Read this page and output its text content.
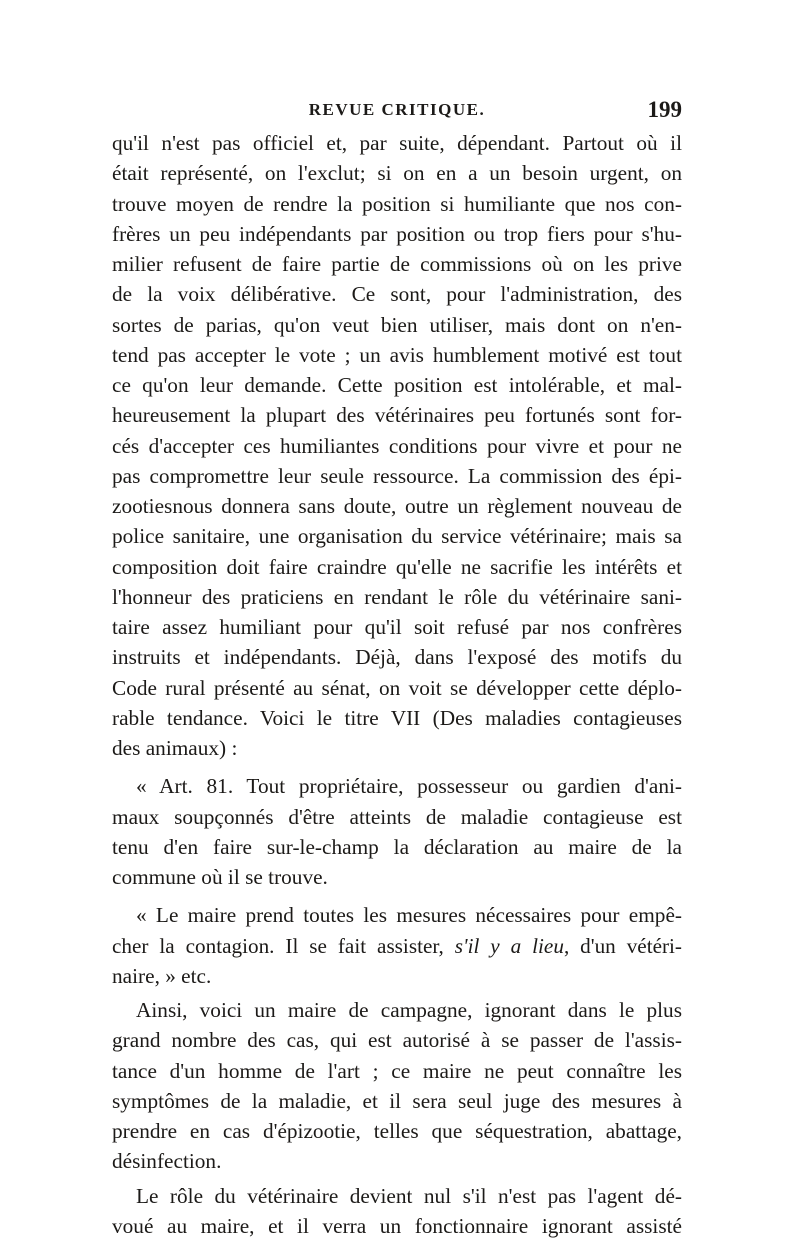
REVUE CRITIQUE.	199
qu'il n'est pas officiel et, par suite, dépendant. Partout où il
était représenté, on l'exclut; si on en a un besoin urgent, on
trouve moyen de rendre la position si humiliante que nos con-
frères un peu indépendants par position ou trop fiers pour s'hu-
milier refusent de faire partie de commissions où on les prive
de la voix délibérative. Ce sont, pour l'administration, des
sortes de parias, qu'on veut bien utiliser, mais dont on n'en-
tend pas accepter le vote ; un avis humblement motivé est tout
ce qu'on leur demande. Cette position est intolérable, et mal-
heureusement la plupart des vétérinaires peu fortunés sont for-
cés d'accepter ces humiliantes conditions pour vivre et pour ne
pas compromettre leur seule ressource. La commission des épi-
zootiesnous donnera sans doute, outre un règlement nouveau de
police sanitaire, une organisation du service vétérinaire; mais sa
composition doit faire craindre qu'elle ne sacrifie les intérêts et
l'honneur des praticiens en rendant le rôle du vétérinaire sani-
taire assez humiliant pour qu'il soit refusé par nos confrères
instruits et indépendants. Déjà, dans l'exposé des motifs du
Code rural présenté au sénat, on voit se développer cette déplo-
rable tendance. Voici le titre VII (Des maladies contagieuses
des animaux) :
« Art. 81. Tout propriétaire, possesseur ou gardien d'ani-
maux soupçonnés d'être atteints de maladie contagieuse est
tenu d'en faire sur-le-champ la déclaration au maire de la
commune où il se trouve.
« Le maire prend toutes les mesures nécessaires pour empê-
cher la contagion. Il se fait assister, s'il y a lieu, d'un vétéri-
naire, » etc.
Ainsi, voici un maire de campagne, ignorant dans le plus
grand nombre des cas, qui est autorisé à se passer de l'assis-
tance d'un homme de l'art ; ce maire ne peut connaître les
symptômes de la maladie, et il sera seul juge des mesures à
prendre en cas d'épizootie, telles que séquestration, abattage,
désinfection.
Le rôle du vétérinaire devient nul s'il n'est pas l'agent dé-
voué au maire, et il verra un fonctionnaire ignorant assisté
